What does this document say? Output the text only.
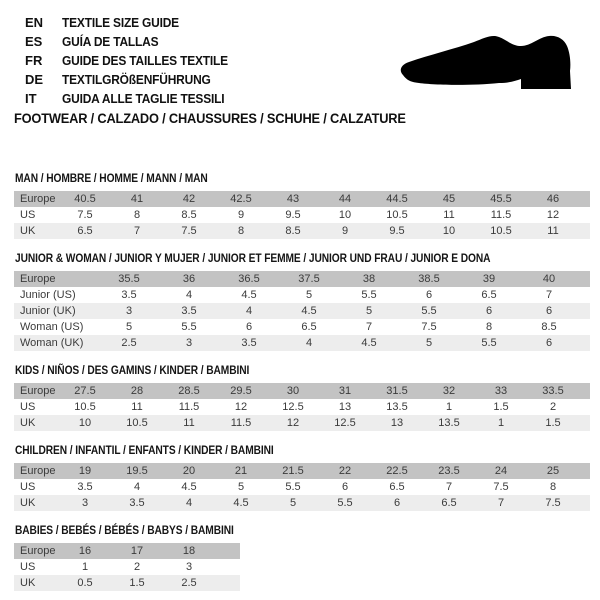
EN	TEXTILE SIZE GUIDE
ES	GUÍA DE TALLAS
FR	GUIDE DES TAILLES TEXTILE
DE	TEXTILGRÖßENFÜHRUNG
IT	GUIDA ALLE TAGLIE TESSILI
FOOTWEAR / CALZADO / CHAUSSURES / SCHUHE / CALZATURE
MAN / HOMBRE / HOMME / MANN / MAN
Europe	40.5	41	42	42.5	43	44	44.5	45	45.5	46	
US	7.5	8	8.5	9	9.5	10	10.5	11	11.5	12	
UK	6.5	7	7.5	8	8.5	9	9.5	10	10.5	11	
JUNIOR & WOMAN / JUNIOR Y MUJER / JUNIOR ET FEMME / JUNIOR UND FRAU / JUNIOR E DONA
Europe	35.5	36	36.5	37.5	38	38.5	39	40	
Junior (US)	3.5	4	4.5	5	5.5	6	6.5	7	
Junior (UK)	3	3.5	4	4.5	5	5.5	6	6	
Woman (US)	5	5.5	6	6.5	7	7.5	8	8.5	
Woman (UK)	2.5	3	3.5	4	4.5	5	5.5	6	
KIDS / NIÑOS / DES GAMINS / KINDER / BAMBINI
Europe	27.5	28	28.5	29.5	30	31	31.5	32	33	33.5	
US	10.5	11	11.5	12	12.5	13	13.5	1	1.5	2	
UK	10	10.5	11	11.5	12	12.5	13	13.5	1	1.5	
CHILDREN / INFANTIL / ENFANTS / KINDER / BAMBINI
Europe	19	19.5	20	21	21.5	22	22.5	23.5	24	25	
US	3.5	4	4.5	5	5.5	6	6.5	7	7.5	8	
UK	3	3.5	4	4.5	5	5.5	6	6.5	7	7.5	
BABIES / BEBÉS / BÉBÉS / BABYS / BAMBINI
Europe	16	17	18	
US	1	2	3	
UK	0.5	1.5	2.5	
